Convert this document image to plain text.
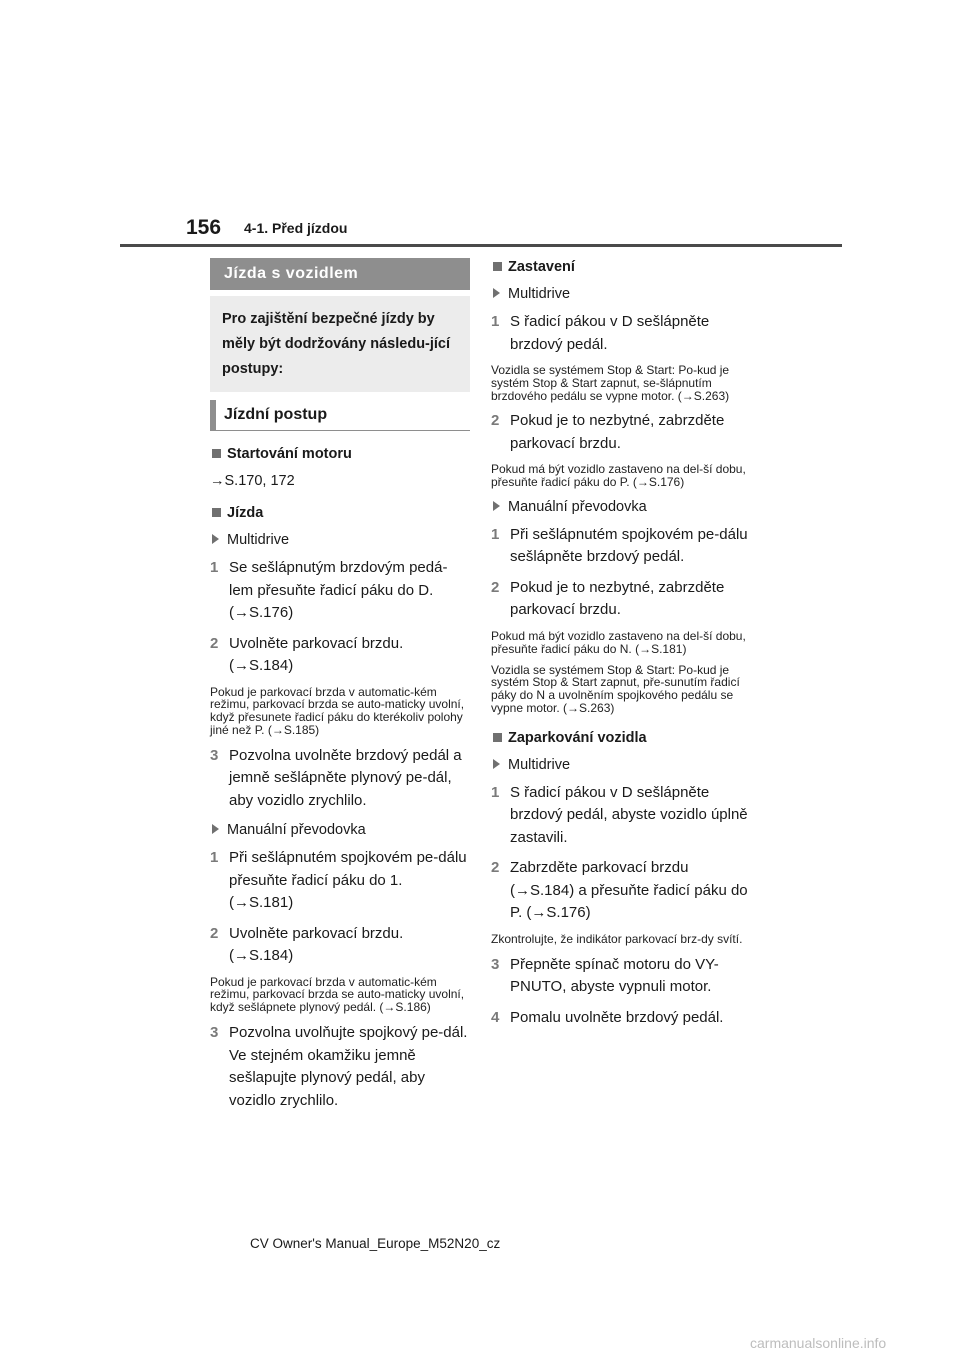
156 4-1. Před jízdou
Jízda s vozidlem
Pro zajištění bezpečné jízdy by měly být dodržovány následu-jící postupy:
Jízdní postup
Startování motoru
→S.170, 172
Jízda
Multidrive
1 Se sešlápnutým brzdovým pedá-lem přesuňte řadicí páku do D. (→S.176)
2 Uvolněte parkovací brzdu. (→S.184)
Pokud je parkovací brzda v automatic-kém režimu, parkovací brzda se auto-maticky uvolní, když přesunete řadicí páku do kterékoliv polohy jiné než P. (→S.185)
3 Pozvolna uvolněte brzdový pedál a jemně sešlápněte plynový pe-dál, aby vozidlo zrychlilo.
Manuální převodovka
1 Při sešlápnutém spojkovém pe-dálu přesuňte řadicí páku do 1. (→S.181)
2 Uvolněte parkovací brzdu. (→S.184)
Pokud je parkovací brzda v automatic-kém režimu, parkovací brzda se auto-maticky uvolní, když sešlápnete plynový pedál. (→S.186)
3 Pozvolna uvolňujte spojkový pe-dál. Ve stejném okamžiku jemně sešlapujte plynový pedál, aby vozidlo zrychlilo.
Zastavení
Multidrive
1 S řadicí pákou v D sešlápněte brzdový pedál.
Vozidla se systémem Stop & Start: Po-kud je systém Stop & Start zapnut, se-šlápnutím brzdového pedálu se vypne motor. (→S.263)
2 Pokud je to nezbytné, zabrzděte parkovací brzdu.
Pokud má být vozidlo zastaveno na del-ší dobu, přesuňte řadicí páku do P. (→S.176)
Manuální převodovka
1 Při sešlápnutém spojkovém pe-dálu sešlápněte brzdový pedál.
2 Pokud je to nezbytné, zabrzděte parkovací brzdu.
Pokud má být vozidlo zastaveno na del-ší dobu, přesuňte řadicí páku do N. (→S.181)
Vozidla se systémem Stop & Start: Po-kud je systém Stop & Start zapnut, pře-sunutím řadicí páky do N a uvolněním spojkového pedálu se vypne motor. (→S.263)
Zaparkování vozidla
Multidrive
1 S řadicí pákou v D sešlápněte brzdový pedál, abyste vozidlo úplně zastavili.
2 Zabrzděte parkovací brzdu (→S.184) a přesuňte řadicí páku do P. (→S.176)
Zkontrolujte, že indikátor parkovací brz-dy svítí.
3 Přepněte spínač motoru do VY-PNUTO, abyste vypnuli motor.
4 Pomalu uvolněte brzdový pedál.
CV Owner's Manual_Europe_M52N20_cz
carmanualsonline.info
